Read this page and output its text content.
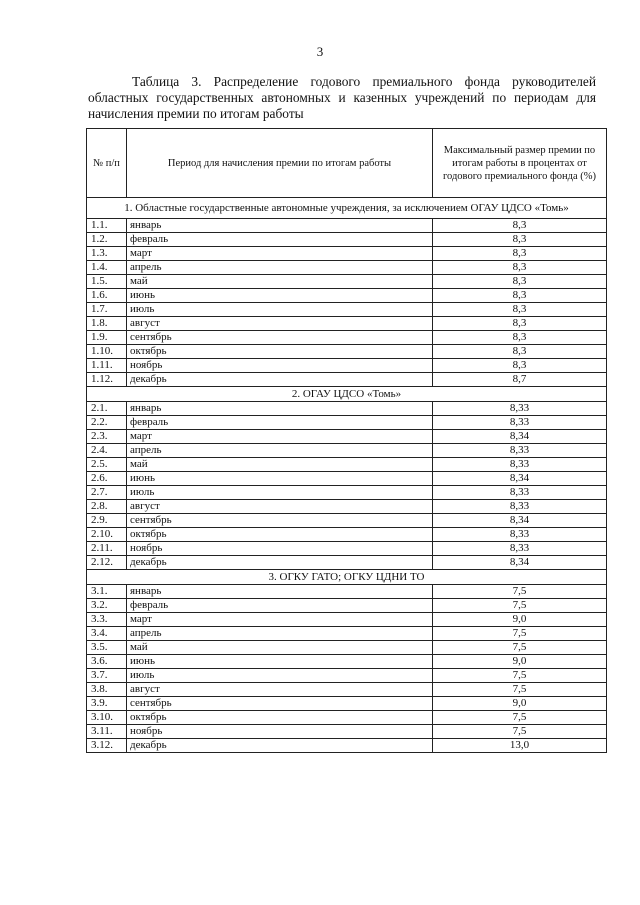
3
Таблица 3. Распределение годового премиального фонда руководителей областных государственных автономных и казенных учреждений по периодам для начисления премии по итогам работы
№ п/п	Период для начисления премии по итогам работы	Максимальный размер премии по итогам работы в процентах от годового премиального фонда (%)
1. Областные государственные автономные учреждения, за исключением ОГАУ ЦДСО «Томь»		
1.1.	январь	8,3
1.2.	февраль	8,3
1.3.	март	8,3
1.4.	апрель	8,3
1.5.	май	8,3
1.6.	июнь	8,3
1.7.	июль	8,3
1.8.	август	8,3
1.9.	сентябрь	8,3
1.10.	октябрь	8,3
1.11.	ноябрь	8,3
1.12.	декабрь	8,7
2. ОГАУ ЦДСО «Томь»		
2.1.	январь	8,33
2.2.	февраль	8,33
2.3.	март	8,34
2.4.	апрель	8,33
2.5.	май	8,33
2.6.	июнь	8,34
2.7.	июль	8,33
2.8.	август	8,33
2.9.	сентябрь	8,34
2.10.	октябрь	8,33
2.11.	ноябрь	8,33
2.12.	декабрь	8,34
3. ОГКУ ГАТО; ОГКУ ЦДНИ ТО		
3.1.	январь	7,5
3.2.	февраль	7,5
3.3.	март	9,0
3.4.	апрель	7,5
3.5.	май	7,5
3.6.	июнь	9,0
3.7.	июль	7,5
3.8.	август	7,5
3.9.	сентябрь	9,0
3.10.	октябрь	7,5
3.11.	ноябрь	7,5
3.12.	декабрь	13,0
